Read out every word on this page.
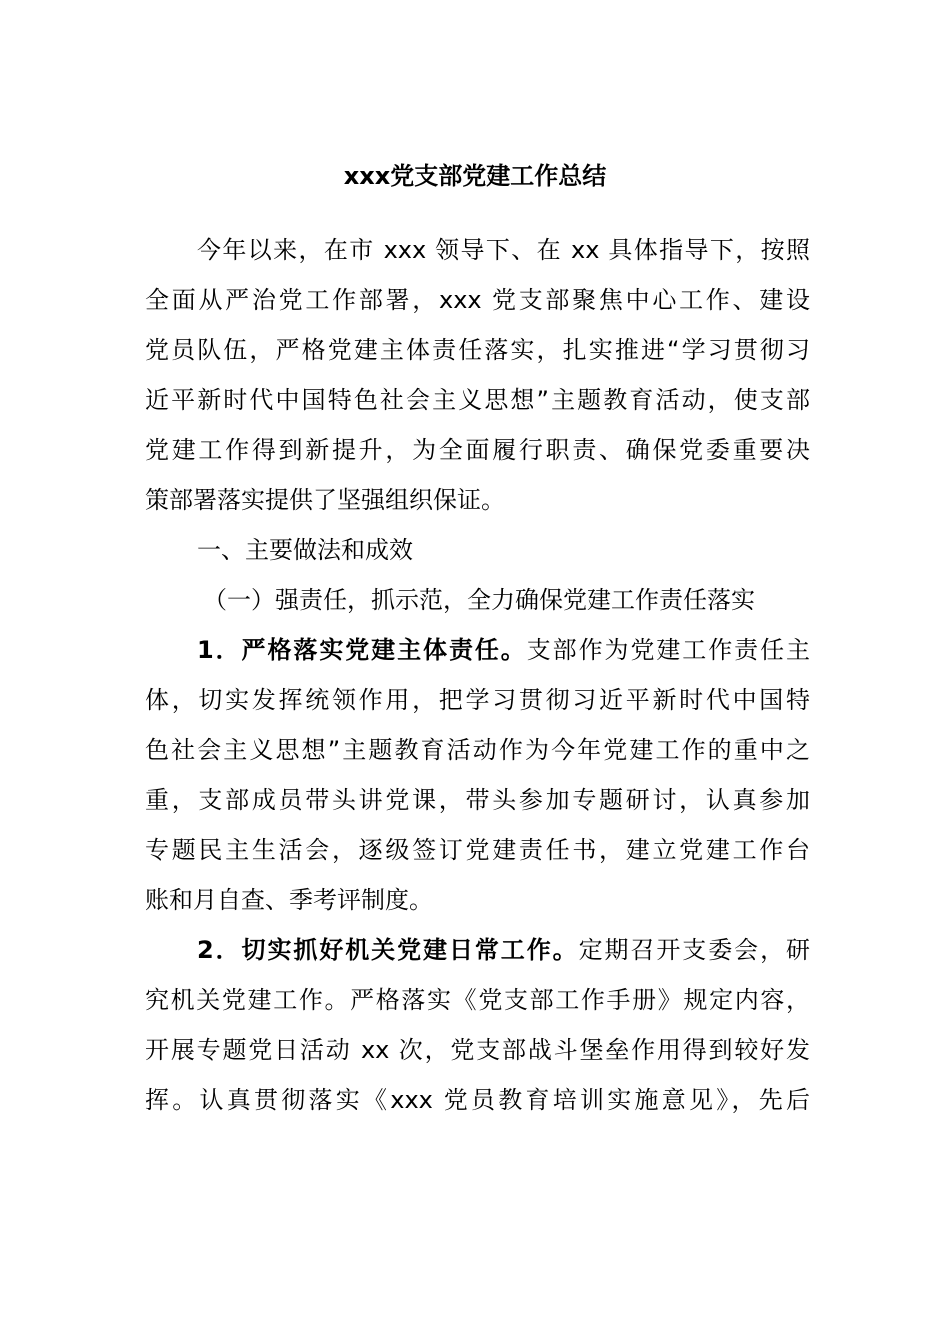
xxx党支部党建工作总结
今年以来，在市 xxx 领导下、在 xx 具体指导下，按照
全面从严治党工作部署，xxx 党支部聚焦中心工作、建设
党员队伍，严格党建主体责任落实，扎实推进“学习贯彻习
近平新时代中国特色社会主义思想”主题教育活动，使支部
党建工作得到新提升，为全面履行职责、确保党委重要决
策部署落实提供了坚强组织保证。
一、主要做法和成效
（一）强责任，抓示范，全力确保党建工作责任落实
1．严格落实党建主体责任。支部作为党建工作责任主
体，切实发挥统领作用，把学习贯彻习近平新时代中国特
色社会主义思想”主题教育活动作为今年党建工作的重中之
重，支部成员带头讲党课，带头参加专题研讨，认真参加
专题民主生活会，逐级签订党建责任书，建立党建工作台
账和月自查、季考评制度。
2．切实抓好机关党建日常工作。定期召开支委会，研
究机关党建工作。严格落实《党支部工作手册》规定内容，
开展专题党日活动 xx 次，党支部战斗堡垒作用得到较好发
挥。认真贯彻落实《xxx 党员教育培训实施意见》，先后
